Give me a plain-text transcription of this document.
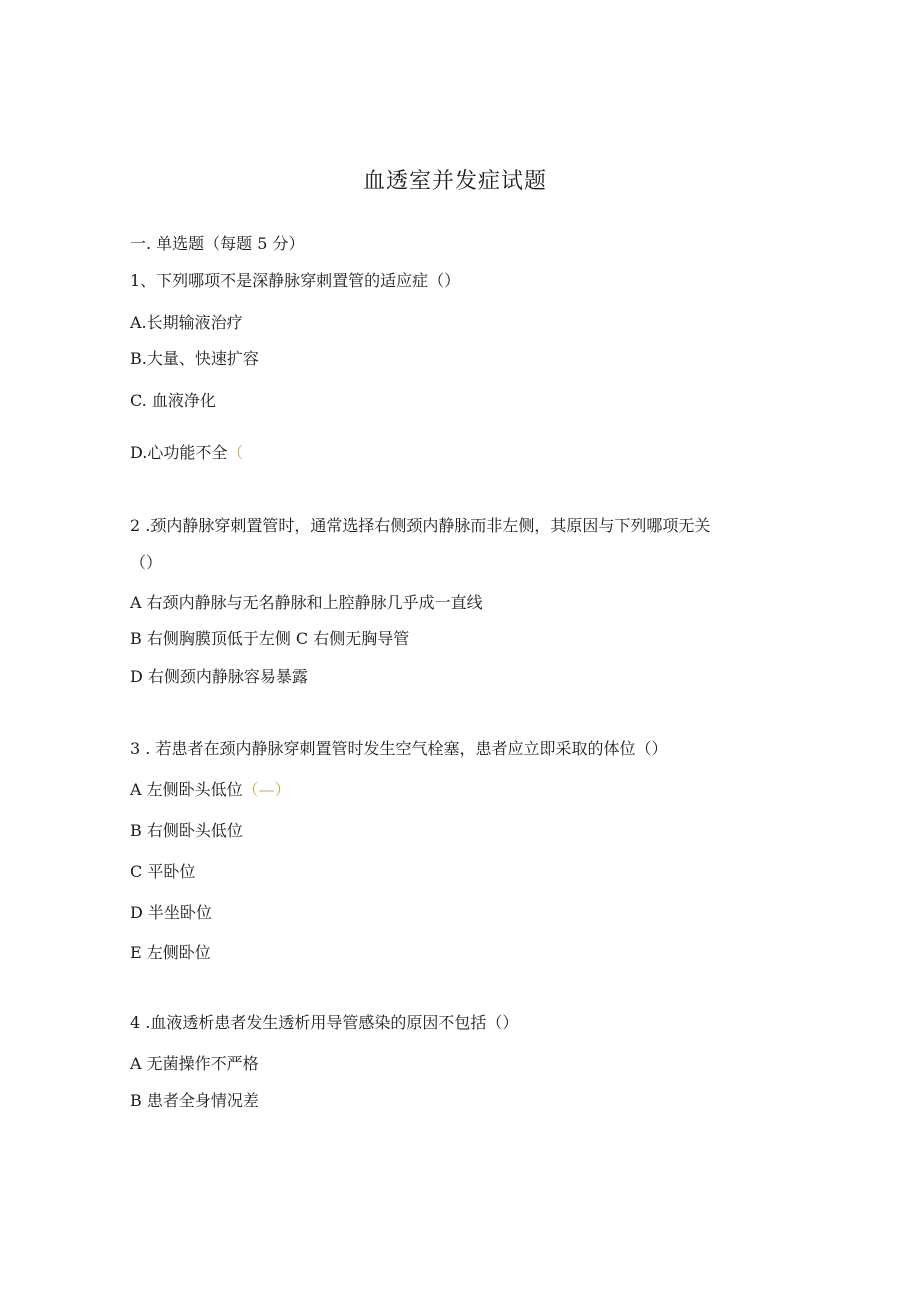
血透室并发症试题
一. 单选题（每题 5 分）
1、下列哪项不是深静脉穿刺置管的适应症（）
A.长期输液治疗
B.大量、快速扩容
C. 血液净化
D.心功能不全（
2 .颈内静脉穿刺置管时，通常选择右侧颈内静脉而非左侧，其原因与下列哪项无关
（）
A 右颈内静脉与无名静脉和上腔静脉几乎成一直线
B 右侧胸膜顶低于左侧 C 右侧无胸导管
D 右侧颈内静脉容易暴露
3 . 若患者在颈内静脉穿刺置管时发生空气栓塞，患者应立即采取的体位（）
A 左侧卧头低位（—）
B 右侧卧头低位
C 平卧位
D 半坐卧位
E 左侧卧位
4 .血液透析患者发生透析用导管感染的原因不包括（）
A 无菌操作不严格
B 患者全身情况差
